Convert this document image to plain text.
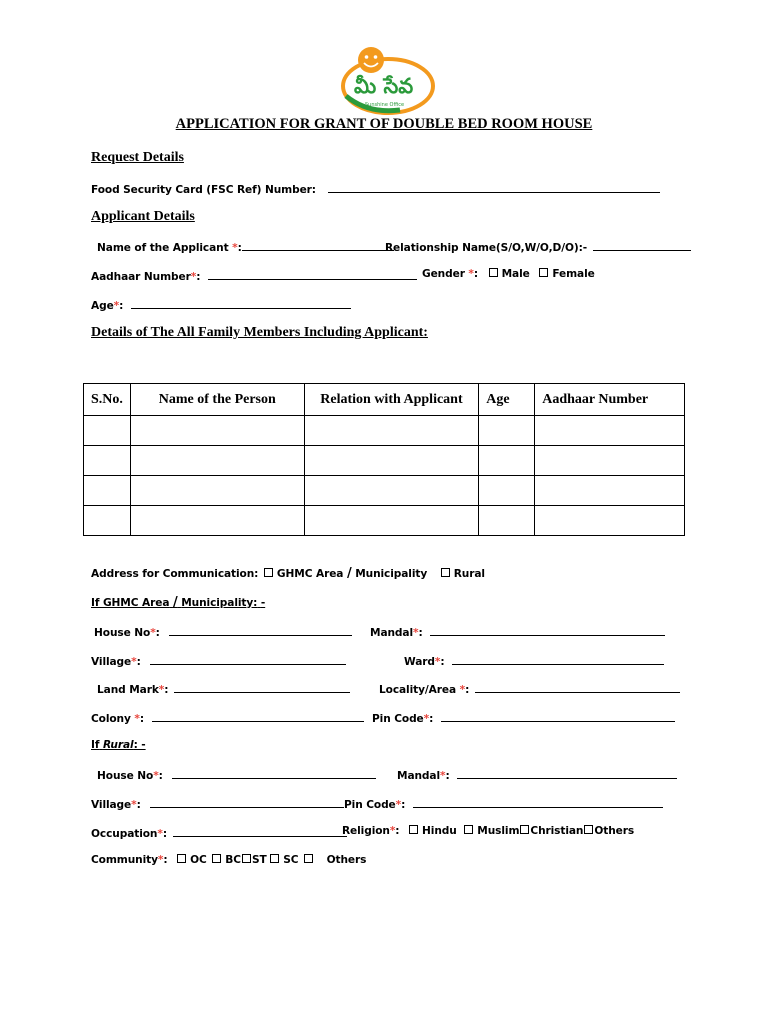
మీ సేవ
Sunshine Office
APPLICATION FOR GRANT OF DOUBLE BED ROOM HOUSE
Request Details
Food Security Card (FSC Ref) Number:
Applicant Details
Name of the Applicant *:	Relationship Name(S/O,W/O,D/O):-
Aadhaar Number*:	Gender *: Male Female
Age*:
Details of The All Family Members Including Applicant:
S.No.	Name of the Person	Relation with Applicant	Age	Aadhaar Number

Address for Communication: GHMC Area / Municipality	Rural
If GHMC Area / Municipality: -
House No*:	Mandal*:
Village*:	Ward*:
Land Mark*:	Locality/Area *:
Colony *:	Pin Code*:
If Rural: -
House No*:	Mandal*:
Village*:	Pin Code*:
Occupation*:	Religion*: Hindu Muslim Christian Others
Community*: OC BC ST SC	Others
